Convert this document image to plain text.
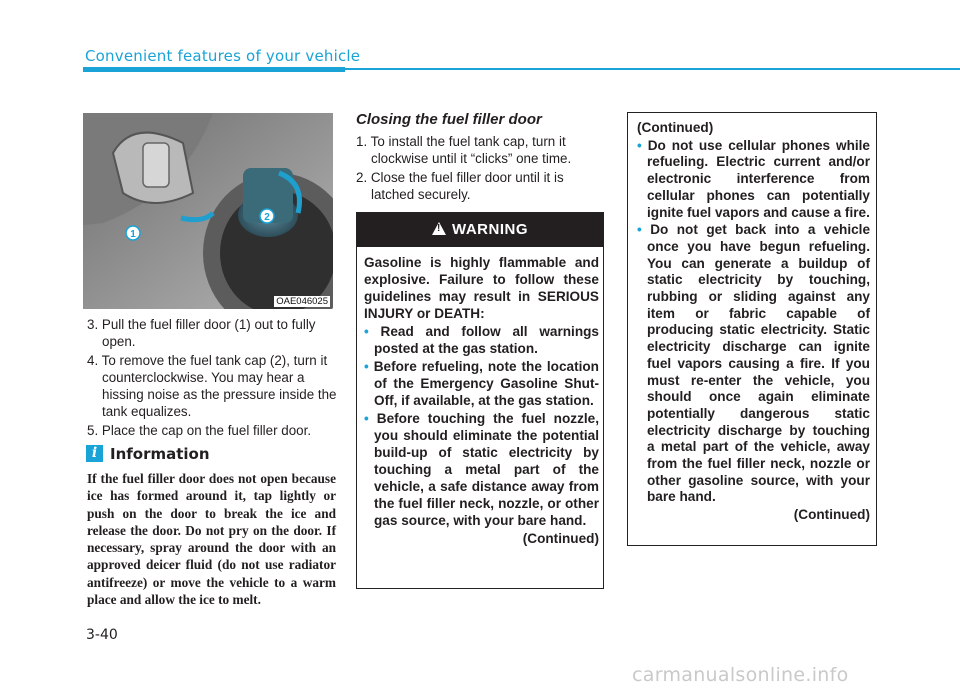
Convenient features of your vehicle
1
2
OAE046025
3. Pull the fuel filler door (1) out to fully open.
4. To remove the fuel tank cap (2), turn it counterclockwise. You may hear a hissing noise as the pressure inside the tank equalizes.
5. Place the cap on the fuel filler door.
i Information
If the fuel filler door does not open because ice has formed around it, tap lightly or push on the door to break the ice and release the door. Do not pry on the door. If necessary, spray around the door with an approved deicer fluid (do not use radiator antifreeze) or move the vehicle to a warm place and allow the ice to melt.
Closing the fuel filler door
1. To install the fuel tank cap, turn it clockwise until it “clicks” one time.
2. Close the fuel filler door until it is latched securely.
!WARNING
Gasoline is highly flammable and explosive. Failure to follow these guidelines may result in SERIOUS INJURY or DEATH:
• Read and follow all warnings posted at the gas station.
• Before refueling, note the location of the Emergency Gasoline Shut-Off, if available, at the gas station.
• Before touching the fuel nozzle, you should eliminate the potential build-up of static electricity by touching a metal part of the vehicle, a safe distance away from the fuel filler neck, nozzle, or other gas source, with your bare hand.
(Continued)
(Continued)
• Do not use cellular phones while refueling. Electric current and/or electronic interference from cellular phones can potentially ignite fuel vapors and cause a fire.
• Do not get back into a vehicle once you have begun refueling. You can generate a buildup of static electricity by touching, rubbing or sliding against any item or fabric capable of producing static electricity. Static electricity discharge can ignite fuel vapors causing a fire. If you must re-enter the vehicle, you should once again eliminate potentially dangerous static electricity discharge by touching a metal part of the vehicle, away from the fuel filler neck, nozzle or other gasoline source, with your bare hand.
(Continued)
3-40
carmanualsonline.info
